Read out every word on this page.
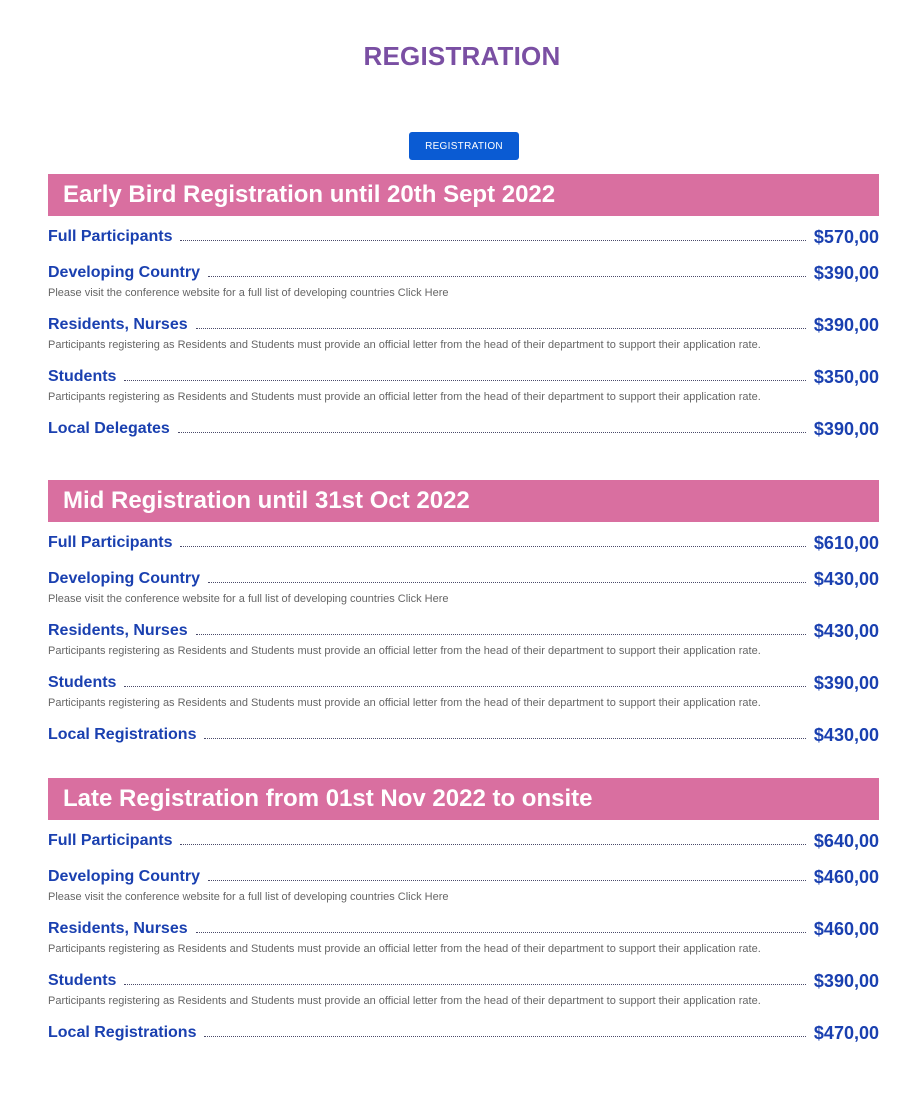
REGISTRATION
REGISTRATION
Early Bird Registration until 20th Sept 2022
Full Participants	$570,00
Developing Country	$390,00
Please visit the conference website for a full list of developing countries Click Here
Residents, Nurses	$390,00
Participants registering as Residents and Students must provide an official letter from the head of their department to support their application rate.
Students	$350,00
Participants registering as Residents and Students must provide an official letter from the head of their department to support their application rate.
Local Delegates	$390,00
Mid Registration until 31st Oct 2022
Full Participants	$610,00
Developing Country	$430,00
Please visit the conference website for a full list of developing countries Click Here
Residents, Nurses	$430,00
Participants registering as Residents and Students must provide an official letter from the head of their department to support their application rate.
Students	$390,00
Participants registering as Residents and Students must provide an official letter from the head of their department to support their application rate.
Local Registrations	$430,00
Late Registration from 01st Nov 2022 to onsite
Full Participants	$640,00
Developing Country	$460,00
Please visit the conference website for a full list of developing countries Click Here
Residents, Nurses	$460,00
Participants registering as Residents and Students must provide an official letter from the head of their department to support their application rate.
Students	$390,00
Participants registering as Residents and Students must provide an official letter from the head of their department to support their application rate.
Local Registrations	$470,00
